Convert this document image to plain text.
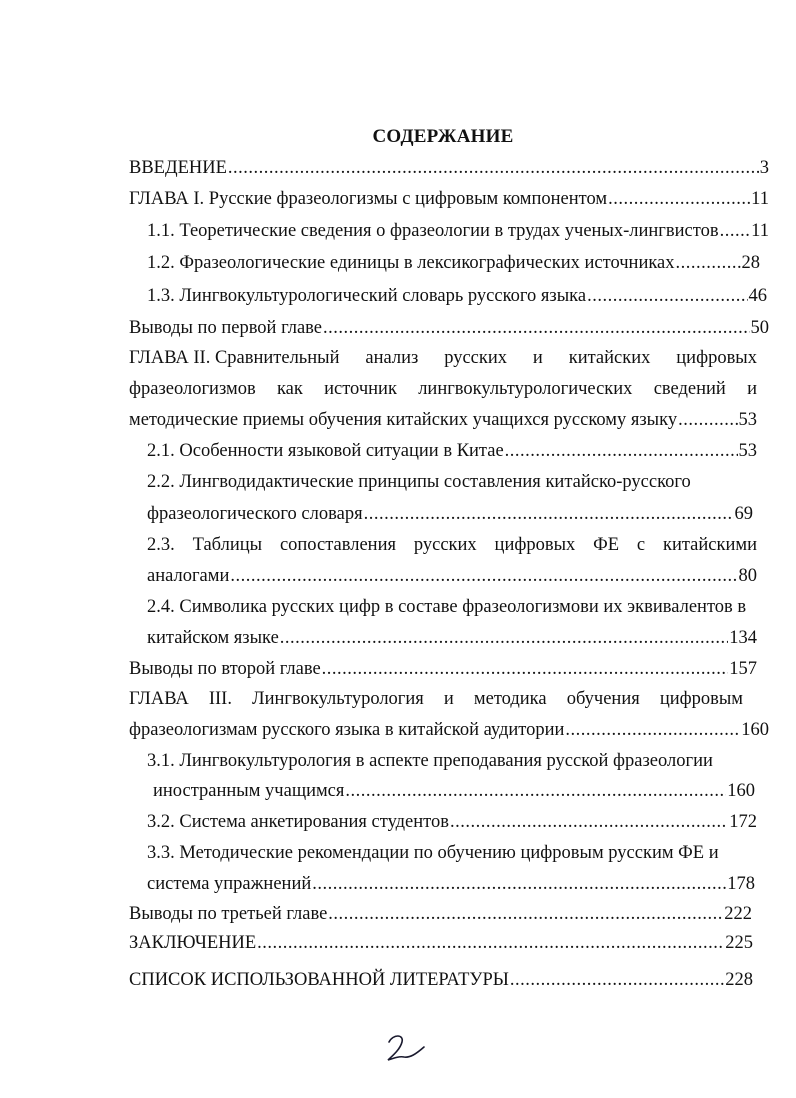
СОДЕРЖАНИЕ
ВВЕДЕНИЕ .....	3
ГЛАВА I. Русские фразеологизмы с цифровым компонентом .....	11
1.1. Теоретические сведения о фразеологии в трудах ученых-лингвистов ..... 11
1.2. Фразеологические единицы в лексикографических источниках .....	28
1.3. Лингвокультурологический словарь русского языка .....	46
Выводы по первой главе .....	50
ГЛАВА II. Сравнительный анализ русских и китайских цифровых
фразеологизмов как источник лингвокультурологических сведений и
методические приемы обучения китайских учащихся русскому языку .....	53
2.1. Особенности языковой ситуации в Китае .....	53
2.2. Лингводидактические принципы составления китайско-русского
фразеологического словаря .....	69
2.3. Таблицы сопоставления русских цифровых ФЕ с китайскими
аналогами .....	80
2.4. Символика русских цифр в составе фразеологизмови их эквивалентов в
китайском языке .....	134
Выводы по второй главе .....	157
ГЛАВА III. Лингвокультурология и методика обучения цифровым
фразеологизмам русского языка в китайской аудитории .....	160
3.1. Лингвокультурология в аспекте преподавания русской фразеологии
иностранным учащимся .....	160
3.2. Система анкетирования студентов .....	172
3.3. Методические рекомендации по обучению цифровым русским ФЕ и
система упражнений .....	178
Выводы по третьей главе .....	222
ЗАКЛЮЧЕНИЕ .....	225
СПИСОК ИСПОЛЬЗОВАННОЙ ЛИТЕРАТУРЫ .....	228
